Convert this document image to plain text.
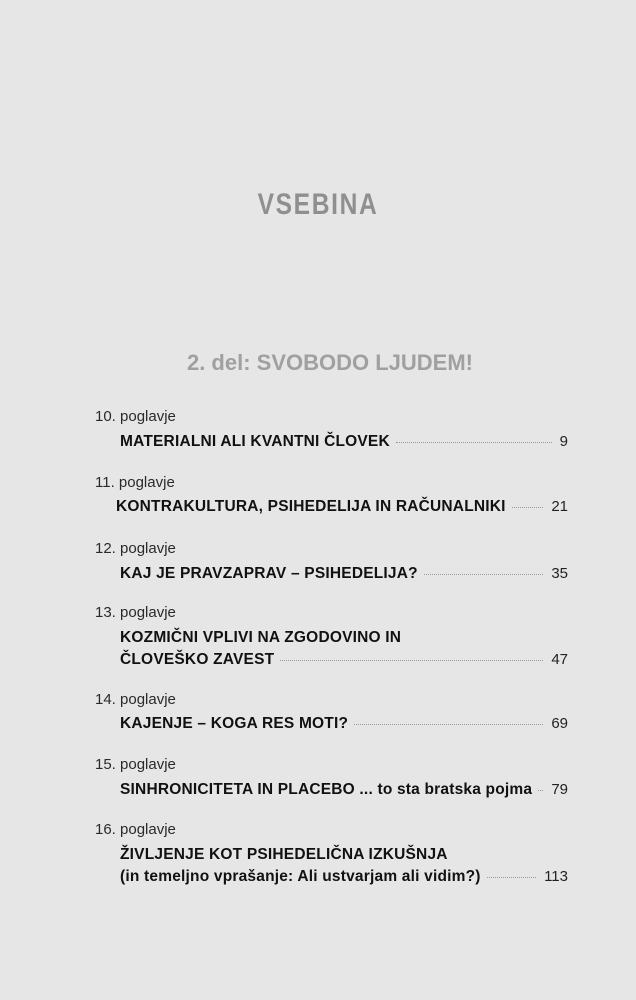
VSEBINA
2. del: SVOBODO LJUDEM!
10. poglavje
MATERIALNI ALI KVANTNI ČLOVEK	9
11. poglavje
KONTRAKULTURA, PSIHEDELIJA IN RAČUNALNIKI	21
12. poglavje
KAJ JE PRAVZAPRAV – PSIHEDELIJA?	35
13. poglavje
KOZMIČNI VPLIVI NA ZGODOVINO IN
ČLOVEŠKO ZAVEST	47
14. poglavje
KAJENJE – KOGA RES MOTI?	69
15. poglavje
SINHRONICITETA IN PLACEBO ... to sta bratska pojma 79
16. poglavje
ŽIVLJENJE KOT PSIHEDELIČNA IZKUŠNJA
(in temeljno vprašanje: Ali ustvarjam ali vidim?)	113
